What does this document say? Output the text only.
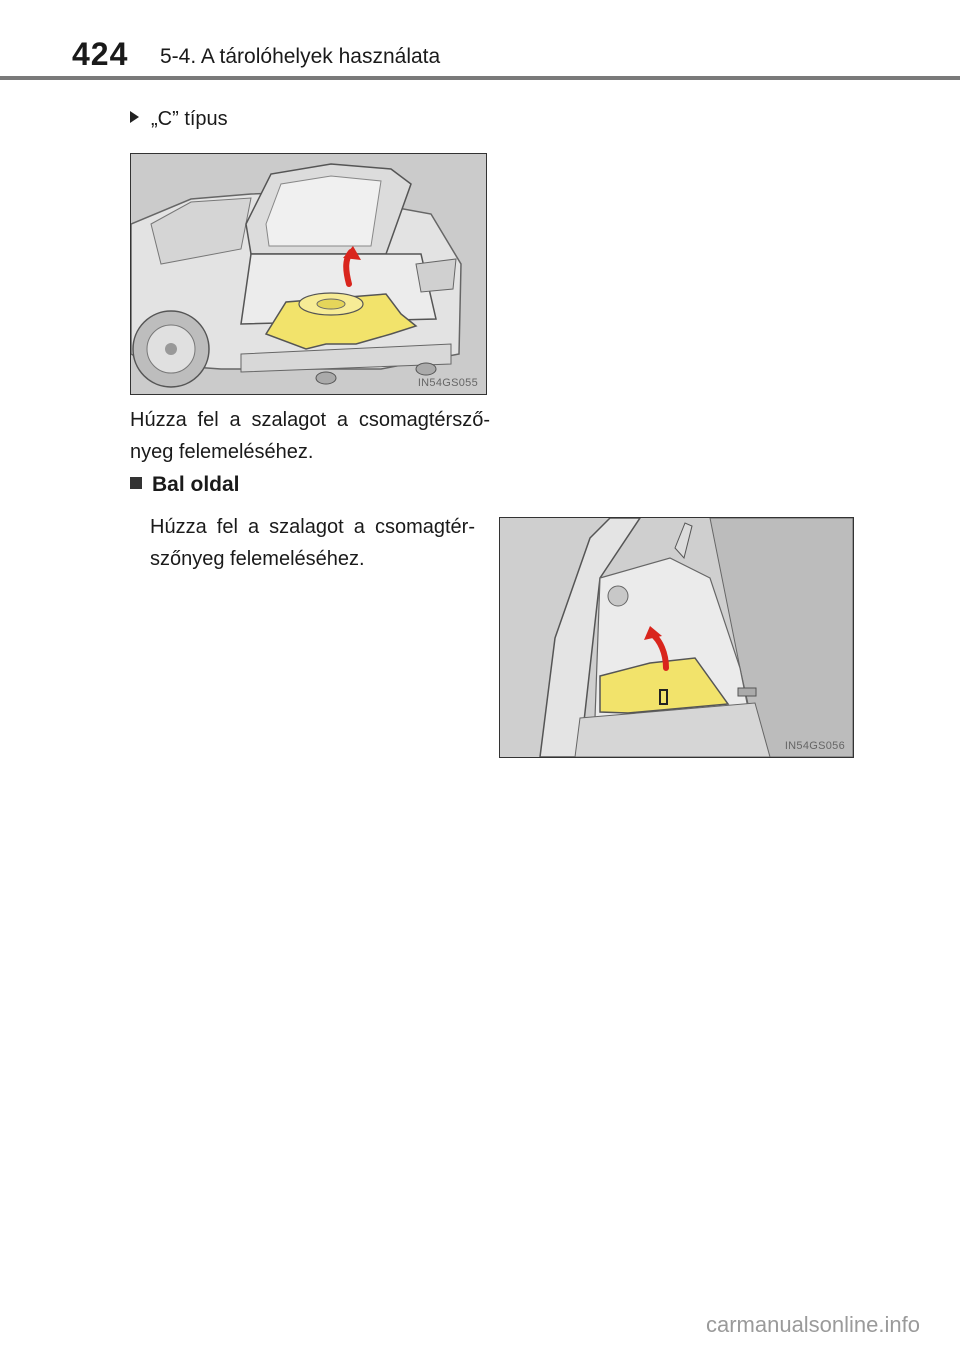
424 5-4. A tárolóhelyek használata
„C” típus
IN54GS055
Húzza fel a szalagot a csomagtérsző-
nyeg felemeléséhez.
Bal oldal
Húzza fel a szalagot a csomagtér-
szőnyeg felemeléséhez.
IN54GS056
carmanualsonline.info
